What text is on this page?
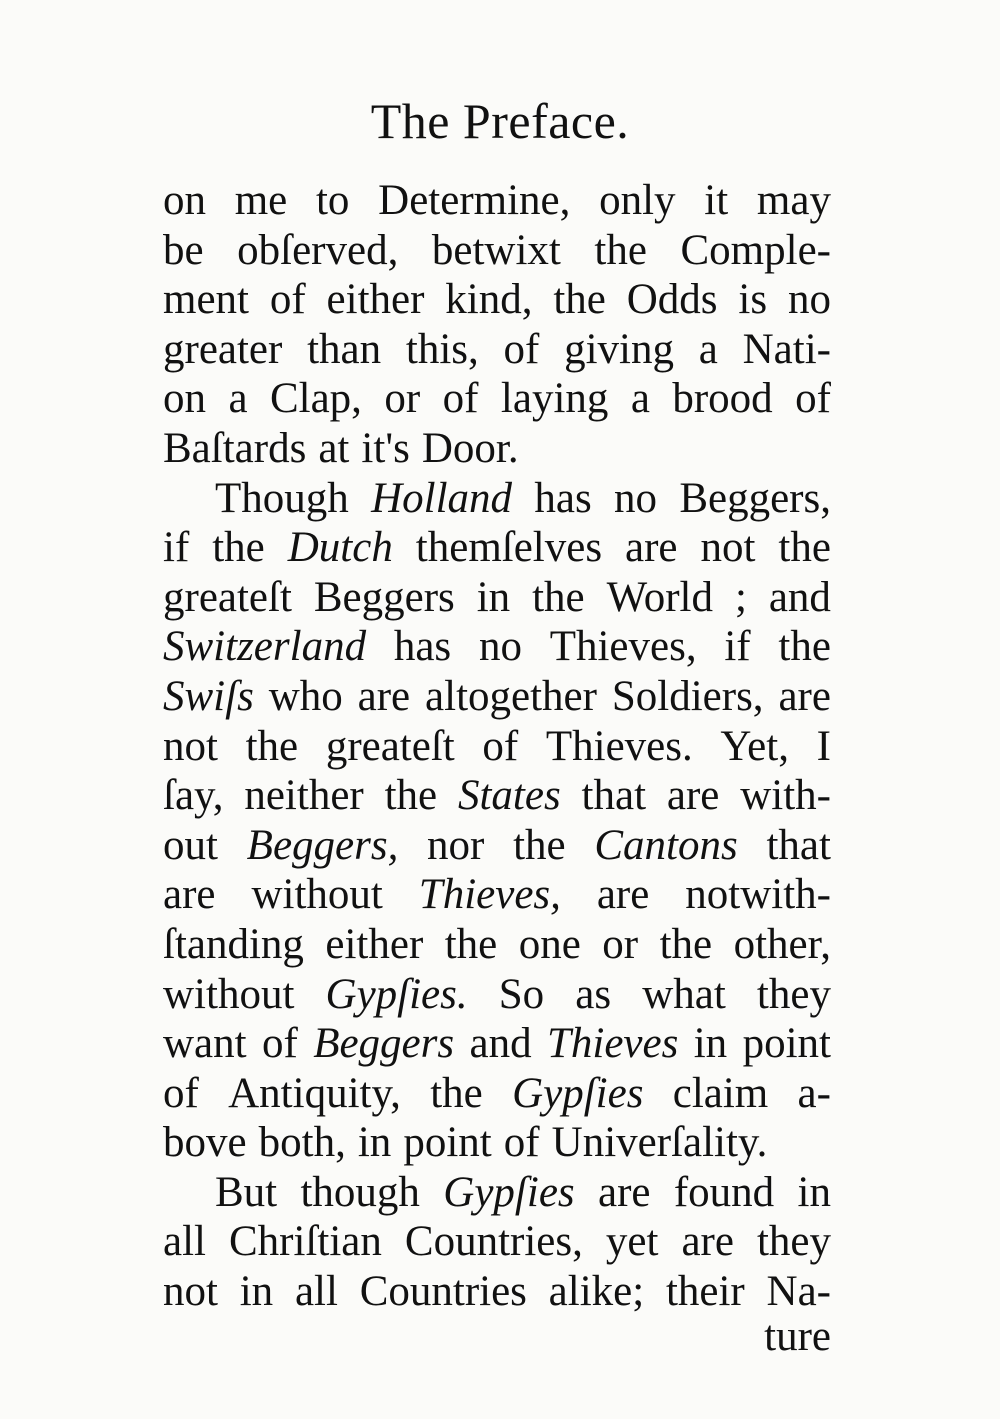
The Preface.
on me to Determine, only it may
be obſerved, betwixt the Comple-
ment of either kind, the Odds is no
greater than this, of giving a Nati-
on a Clap, or of laying a brood of
Baſtards at it's Door.
Though Holland has no Beggers,
if the Dutch themſelves are not the
greateſt Beggers in the World ; and
Switzerland has no Thieves, if the
Swiſs who are altogether Soldiers, are
not the greateſt of Thieves. Yet, I
ſay, neither the States that are with-
out Beggers, nor the Cantons that
are without Thieves, are notwith-
ſtanding either the one or the other,
without Gypſies. So as what they
want of Beggers and Thieves in point
of Antiquity, the Gypſies claim a-
bove both, in point of Univerſality.
But though Gypſies are found in
all Chriſtian Countries, yet are they
not in all Countries alike; their Na-
ture
